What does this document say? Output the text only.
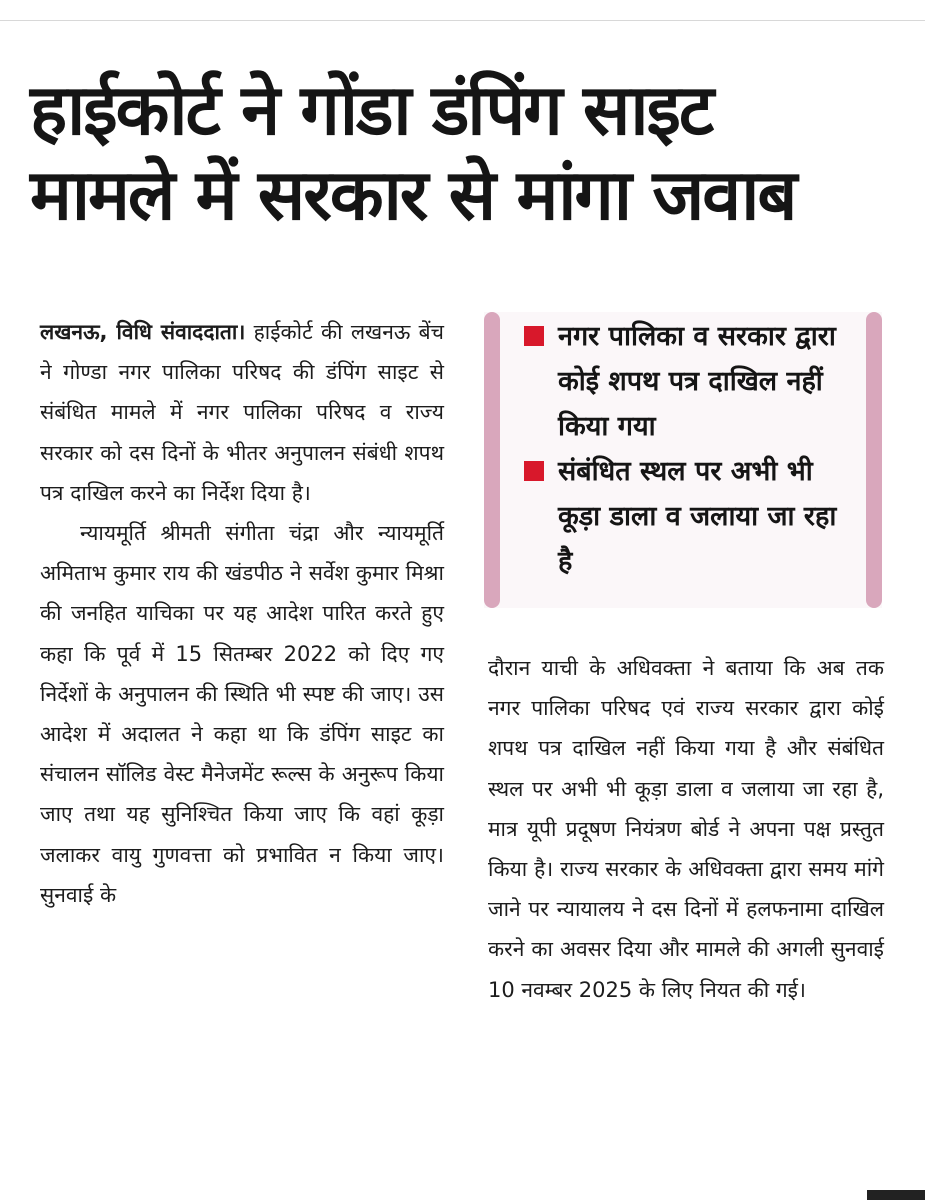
हाईकोर्ट ने गोंडा डंपिंग साइट
मामले में सरकार से मांगा जवाब

लखनऊ, विधि संवाददाता। हाईकोर्ट की लखनऊ बेंच ने गोण्डा नगर पालिका परिषद की डंपिंग साइट से संबंधित मामले में नगर पालिका परिषद व राज्य सरकार को दस दिनों के भीतर अनुपालन संबंधी शपथ पत्र दाखिल करने का निर्देश दिया है।

न्यायमूर्ति श्रीमती संगीता चंद्रा और न्यायमूर्ति अमिताभ कुमार राय की खंडपीठ ने सर्वेश कुमार मिश्रा की जनहित याचिका पर यह आदेश पारित करते हुए कहा कि पूर्व में 15 सितम्बर 2022 को दिए गए निर्देशों के अनुपालन की स्थिति भी स्पष्ट की जाए। उस आदेश में अदालत ने कहा था कि डंपिंग साइट का संचालन सॉलिड वेस्ट मैनेजमेंट रूल्स के अनुरूप किया जाए तथा यह सुनिश्चित किया जाए कि वहां कूड़ा जलाकर वायु गुणवत्ता को प्रभावित न किया जाए। सुनवाई के

नगर पालिका व सरकार द्वारा कोई शपथ पत्र दाखिल नहीं किया गया
संबंधित स्थल पर अभी भी कूड़ा डाला व जलाया जा रहा है

दौरान याची के अधिवक्ता ने बताया कि अब तक नगर पालिका परिषद एवं राज्य सरकार द्वारा कोई शपथ पत्र दाखिल नहीं किया गया है और संबंधित स्थल पर अभी भी कूड़ा डाला व जलाया जा रहा है, मात्र यूपी प्रदूषण नियंत्रण बोर्ड ने अपना पक्ष प्रस्तुत किया है। राज्य सरकार के अधिवक्ता द्वारा समय मांगे जाने पर न्यायालय ने दस दिनों में हलफनामा दाखिल करने का अवसर दिया और मामले की अगली सुनवाई 10 नवम्बर 2025 के लिए नियत की गई।
